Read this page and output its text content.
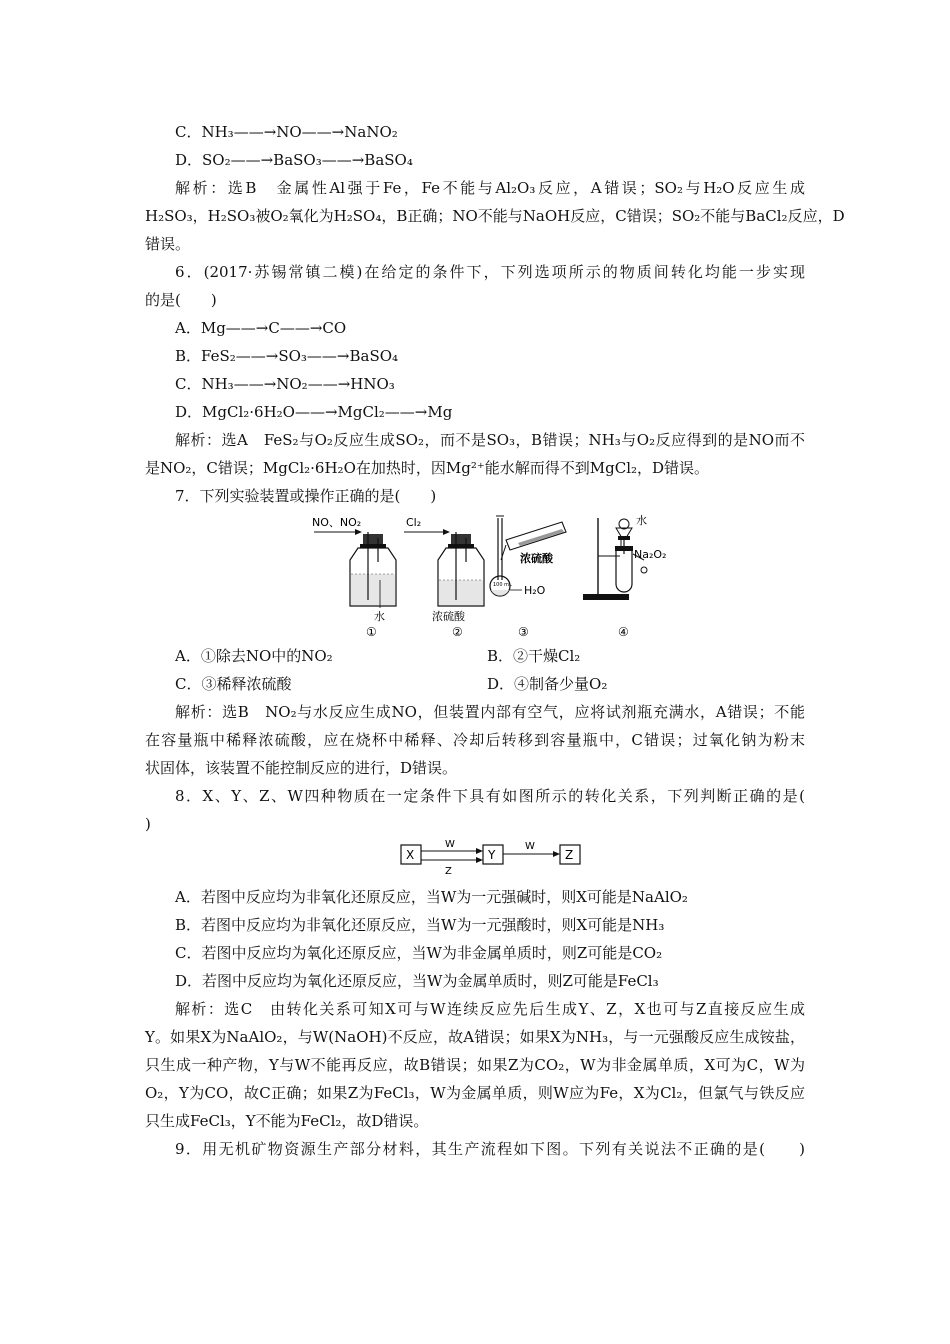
C．NH₃——→NO——→NaNO₂
D．SO₂——→BaSO₃——→BaSO₄
解析：选B　金属性Al强于Fe，Fe不能与Al₂O₃反应，A错误；SO₂与H₂O反应生成
H₂SO₃，H₂SO₃被O₂氧化为H₂SO₄，B正确；NO不能与NaOH反应，C错误；SO₂不能与BaCl₂反应，D
错误。
6．(2017·苏锡常镇二模)在给定的条件下，下列选项所示的物质间转化均能一步实现
的是(　　)
A．Mg——→C——→CO
B．FeS₂——→SO₃——→BaSO₄
C．NH₃——→NO₂——→HNO₃
D．MgCl₂·6H₂O——→MgCl₂——→Mg
解析：选A　FeS₂与O₂反应生成SO₂，而不是SO₃，B错误；NH₃与O₂反应得到的是NO而不
是NO₂，C错误；MgCl₂·6H₂O在加热时，因Mg²⁺能水解而得不到MgCl₂，D错误。
7．下列实验装置或操作正确的是(　　)
NO、NO₂
水
①
Cl₂
浓硫酸
②
浓硫酸
100 mL H₂O
③
水
Na₂O₂
④
A．①除去NO中的NO₂	B．②干燥Cl₂
C．③稀释浓硫酸	D．④制备少量O₂
解析：选B　NO₂与水反应生成NO，但装置内部有空气，应将试剂瓶充满水，A错误；不能
在容量瓶中稀释浓硫酸，应在烧杯中稀释、冷却后转移到容量瓶中，C错误；过氧化钠为粉末
状固体，该装置不能控制反应的进行，D错误。
8．X、Y、Z、W四种物质在一定条件下具有如图所示的转化关系，下列判断正确的是(
)
X	Y	Z
W
Z
W
A．若图中反应均为非氧化还原反应，当W为一元强碱时，则X可能是NaAlO₂
B．若图中反应均为非氧化还原反应，当W为一元强酸时，则X可能是NH₃
C．若图中反应均为氧化还原反应，当W为非金属单质时，则Z可能是CO₂
D．若图中反应均为氧化还原反应，当W为金属单质时，则Z可能是FeCl₃
解析：选C　由转化关系可知X可与W连续反应先后生成Y、Z，X也可与Z直接反应生成
Y。如果X为NaAlO₂，与W(NaOH)不反应，故A错误；如果X为NH₃，与一元强酸反应生成铵盐，
只生成一种产物，Y与W不能再反应，故B错误；如果Z为CO₂，W为非金属单质，X可为C，W为
O₂，Y为CO，故C正确；如果Z为FeCl₃，W为金属单质，则W应为Fe，X为Cl₂，但氯气与铁反应
只生成FeCl₃，Y不能为FeCl₂，故D错误。
9．用无机矿物资源生产部分材料，其生产流程如下图。下列有关说法不正确的是(　　)
